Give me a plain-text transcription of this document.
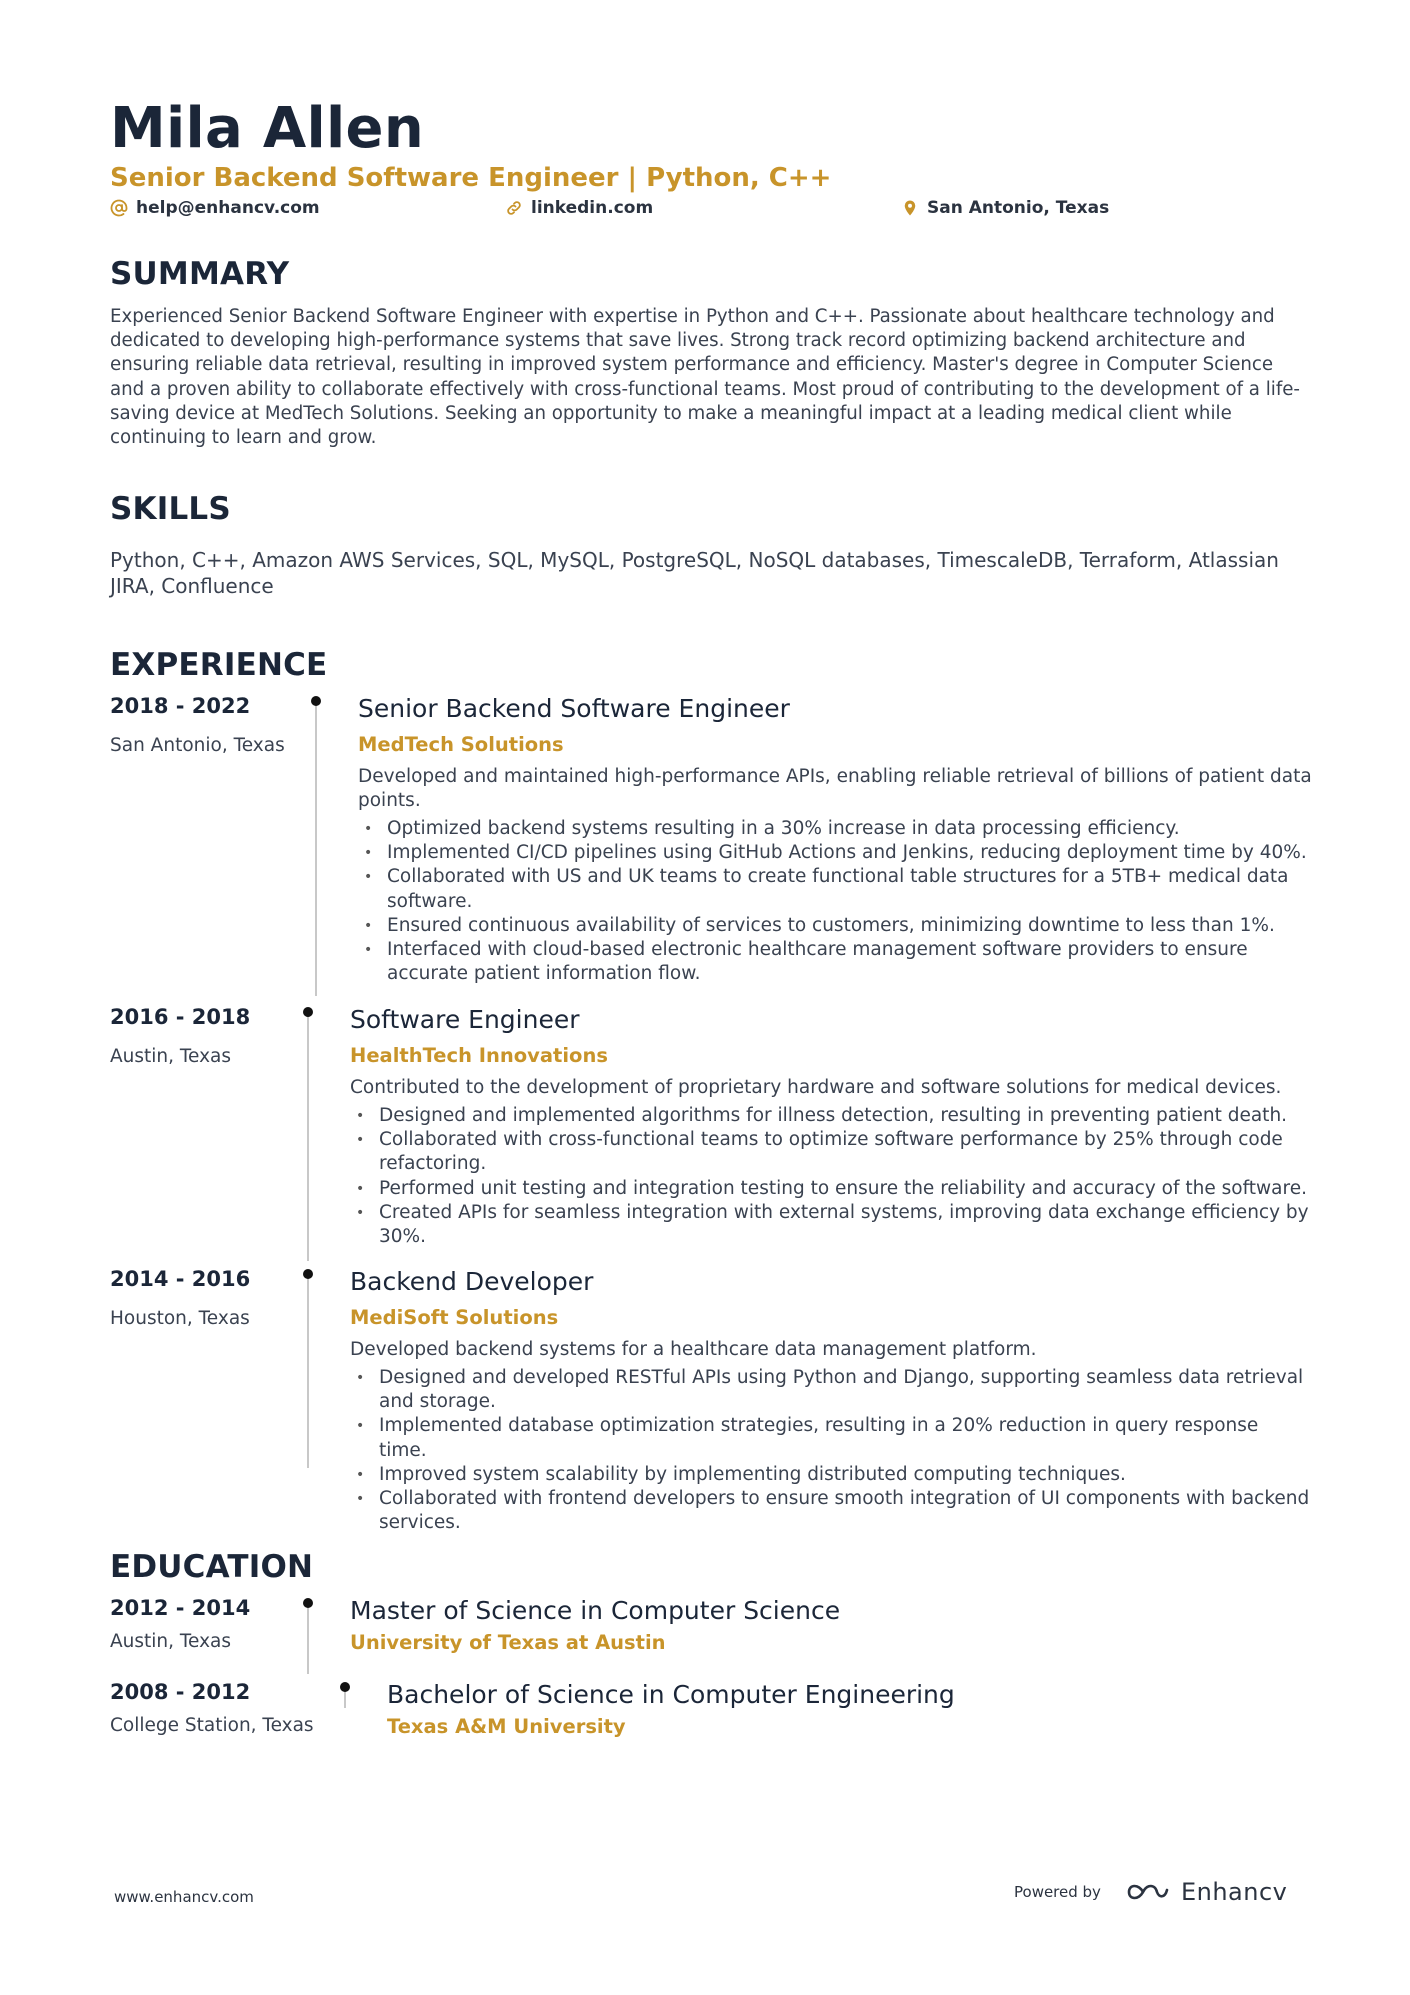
Mila Allen
Senior Backend Software Engineer | Python, C++
help@enhancv.com	linkedin.com	San Antonio, Texas
SUMMARY
Experienced Senior Backend Software Engineer with expertise in Python and C++. Passionate about healthcare technology and dedicated to developing high-performance systems that save lives. Strong track record optimizing backend architecture and ensuring reliable data retrieval, resulting in improved system performance and efficiency. Master's degree in Computer Science and a proven ability to collaborate effectively with cross-functional teams. Most proud of contributing to the development of a life-saving device at MedTech Solutions. Seeking an opportunity to make a meaningful impact at a leading medical client while continuing to learn and grow.
SKILLS
Python, C++, Amazon AWS Services, SQL, MySQL, PostgreSQL, NoSQL databases, TimescaleDB, Terraform, Atlassian JIRA, Confluence
EXPERIENCE
2018 - 2022
San Antonio, Texas
Senior Backend Software Engineer
MedTech Solutions
Developed and maintained high-performance APIs, enabling reliable retrieval of billions of patient data points.
• Optimized backend systems resulting in a 30% increase in data processing efficiency.
• Implemented CI/CD pipelines using GitHub Actions and Jenkins, reducing deployment time by 40%.
• Collaborated with US and UK teams to create functional table structures for a 5TB+ medical data software.
• Ensured continuous availability of services to customers, minimizing downtime to less than 1%.
• Interfaced with cloud-based electronic healthcare management software providers to ensure accurate patient information flow.
2016 - 2018
Austin, Texas
Software Engineer
HealthTech Innovations
Contributed to the development of proprietary hardware and software solutions for medical devices.
• Designed and implemented algorithms for illness detection, resulting in preventing patient death.
• Collaborated with cross-functional teams to optimize software performance by 25% through code refactoring.
• Performed unit testing and integration testing to ensure the reliability and accuracy of the software.
• Created APIs for seamless integration with external systems, improving data exchange efficiency by 30%.
2014 - 2016
Houston, Texas
Backend Developer
MediSoft Solutions
Developed backend systems for a healthcare data management platform.
• Designed and developed RESTful APIs using Python and Django, supporting seamless data retrieval and storage.
• Implemented database optimization strategies, resulting in a 20% reduction in query response time.
• Improved system scalability by implementing distributed computing techniques.
• Collaborated with frontend developers to ensure smooth integration of UI components with backend services.
EDUCATION
2012 - 2014
Austin, Texas
Master of Science in Computer Science
University of Texas at Austin
2008 - 2012
College Station, Texas
Bachelor of Science in Computer Engineering
Texas A&M University
www.enhancv.com	Powered by	Enhancv
